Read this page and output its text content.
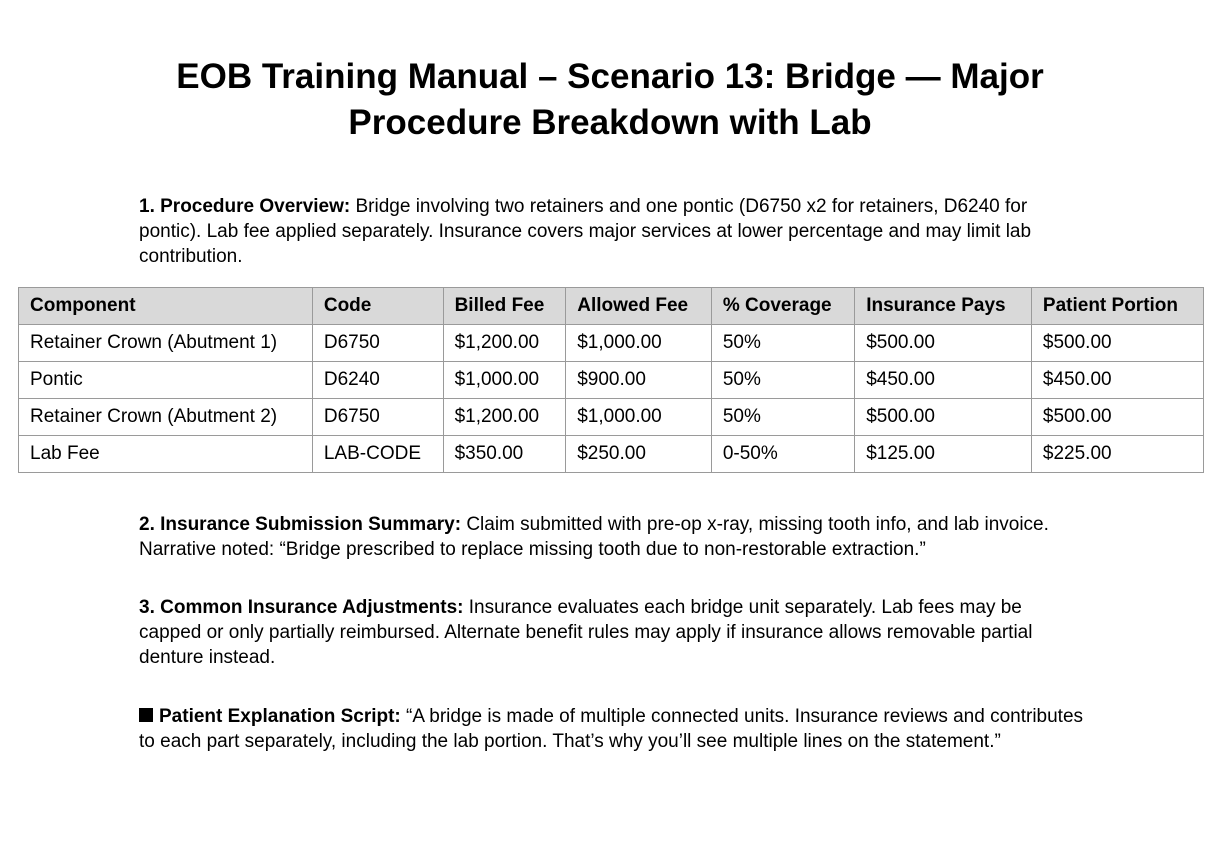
EOB Training Manual – Scenario 13: Bridge — Major Procedure Breakdown with Lab

1. Procedure Overview: Bridge involving two retainers and one pontic (D6750 x2 for retainers, D6240 for pontic). Lab fee applied separately. Insurance covers major services at lower percentage and may limit lab contribution.

Component	Code	Billed Fee	Allowed Fee	% Coverage	Insurance Pays	Patient Portion
Retainer Crown (Abutment 1)	D6750	$1,200.00	$1,000.00	50%	$500.00	$500.00
Pontic	D6240	$1,000.00	$900.00	50%	$450.00	$450.00
Retainer Crown (Abutment 2)	D6750	$1,200.00	$1,000.00	50%	$500.00	$500.00
Lab Fee	LAB-CODE	$350.00	$250.00	0-50%	$125.00	$225.00

2. Insurance Submission Summary: Claim submitted with pre-op x-ray, missing tooth info, and lab invoice. Narrative noted: “Bridge prescribed to replace missing tooth due to non-restorable extraction.”

3. Common Insurance Adjustments: Insurance evaluates each bridge unit separately. Lab fees may be capped or only partially reimbursed. Alternate benefit rules may apply if insurance allows removable partial denture instead.

Patient Explanation Script: “A bridge is made of multiple connected units. Insurance reviews and contributes to each part separately, including the lab portion. That’s why you’ll see multiple lines on the statement.”
